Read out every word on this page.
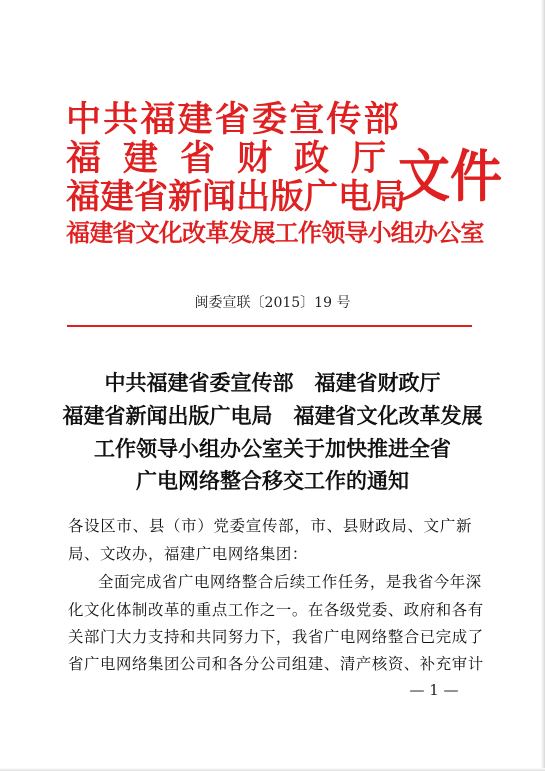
中共福建省委宣传部
福建省财政厅
福建省新闻出版广电局
福建省文化改革发展工作领导小组办公室
文件
闽委宣联〔2015〕19 号
中共福建省委宣传部　福建省财政厅
福建省新闻出版广电局　福建省文化改革发展
工作领导小组办公室关于加快推进全省
广电网络整合移交工作的通知
各设区市、县（市）党委宣传部，市、县财政局、文广新
局、文改办，福建广电网络集团：
全面完成省广电网络整合后续工作任务，是我省今年深
化文化体制改革的重点工作之一。在各级党委、政府和各有
关部门大力支持和共同努力下，我省广电网络整合已完成了
省广电网络集团公司和各分公司组建、清产核资、补充审计
— 1 —
